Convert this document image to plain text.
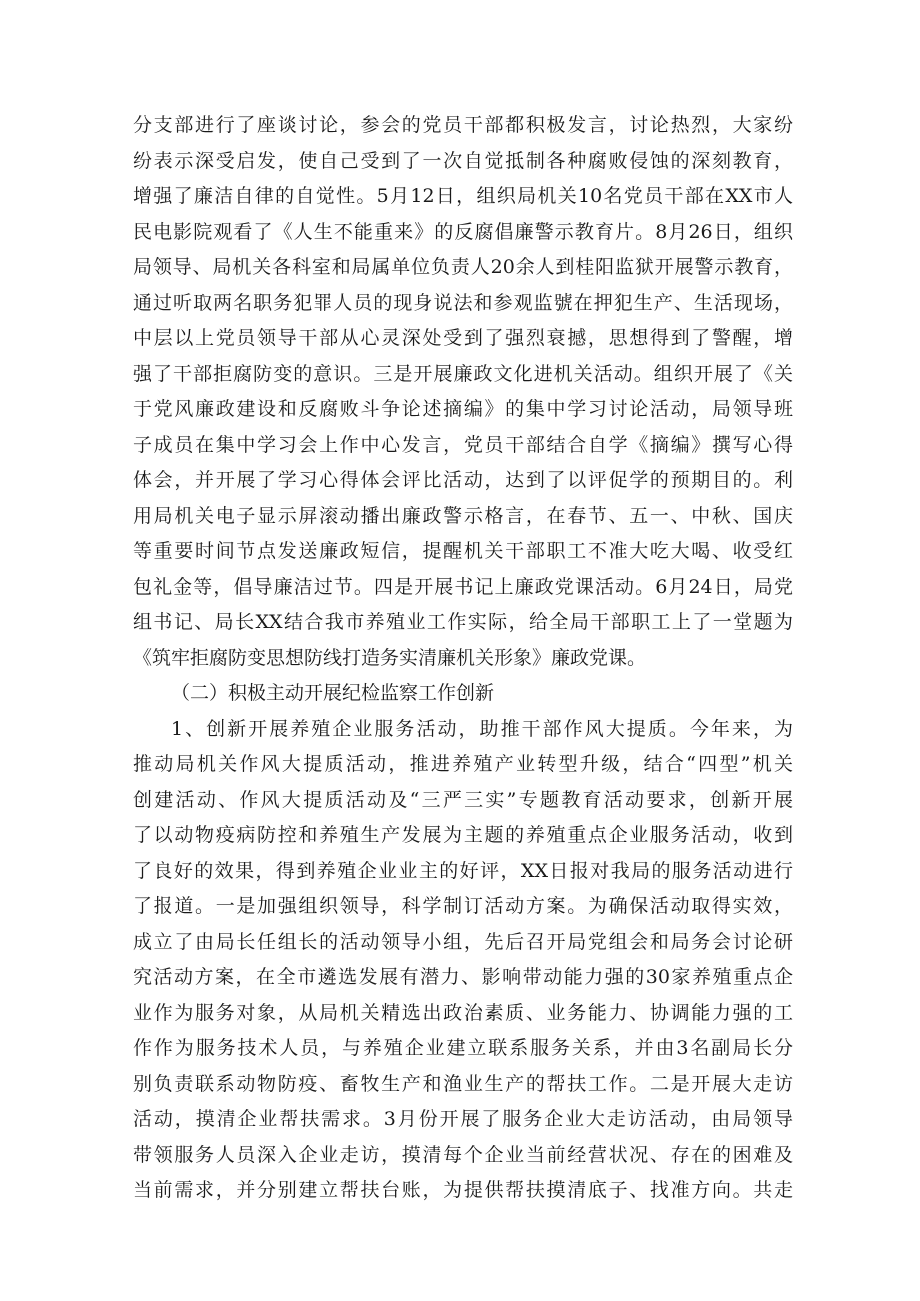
分支部进行了座谈讨论，参会的党员干部都积极发言，讨论热烈，大家纷
纷表示深受启发，使自己受到了一次自觉抵制各种腐败侵蚀的深刻教育，
增强了廉洁自律的自觉性。5月12日，组织局机关10名党员干部在XX市人
民电影院观看了《人生不能重来》的反腐倡廉警示教育片。8月26日，组织
局领导、局机关各科室和局属单位负责人20余人到桂阳监狱开展警示教育，
通过听取两名职务犯罪人员的现身说法和参观监號在押犯生产、生活现场，
中层以上党员领导干部从心灵深处受到了强烈衰撼，思想得到了警醒，增
强了干部拒腐防变的意识。三是开展廉政文化进机关活动。组织开展了《关
于党风廉政建设和反腐败斗争论述摘编》的集中学习讨论活动，局领导班
子成员在集中学习会上作中心发言，党员干部结合自学《摘编》撰写心得
体会，并开展了学习心得体会评比活动，达到了以评促学的预期目的。利
用局机关电子显示屏滚动播出廉政警示格言，在春节、五一、中秋、国庆
等重要时间节点发送廉政短信，提醒机关干部职工不准大吃大喝、收受红
包礼金等，倡导廉洁过节。四是开展书记上廉政党课活动。6月24日，局党
组书记、局长XX结合我市养殖业工作实际，给全局干部职工上了一堂题为
《筑牢拒腐防变思想防线打造务实清廉机关形象》廉政党课。
（二）积极主动开展纪检监察工作创新
1、创新开展养殖企业服务活动，助推干部作风大提质。今年来，为
推动局机关作风大提质活动，推进养殖产业转型升级，结合“四型”机关
创建活动、作风大提质活动及“三严三实”专题教育活动要求，创新开展
了以动物疫病防控和养殖生产发展为主题的养殖重点企业服务活动，收到
了良好的效果，得到养殖企业业主的好评，XX日报对我局的服务活动进行
了报道。一是加强组织领导，科学制订活动方案。为确保活动取得实效，
成立了由局长任组长的活动领导小组，先后召开局党组会和局务会讨论研
究活动方案，在全市遴选发展有潜力、影响带动能力强的30家养殖重点企
业作为服务对象，从局机关精选出政治素质、业务能力、协调能力强的工
作作为服务技术人员，与养殖企业建立联系服务关系，并由3名副局长分
别负责联系动物防疫、畜牧生产和渔业生产的帮扶工作。二是开展大走访
活动，摸清企业帮扶需求。3月份开展了服务企业大走访活动，由局领导
带领服务人员深入企业走访，摸清每个企业当前经营状况、存在的困难及
当前需求，并分别建立帮扶台账，为提供帮扶摸清底子、找准方向。共走
